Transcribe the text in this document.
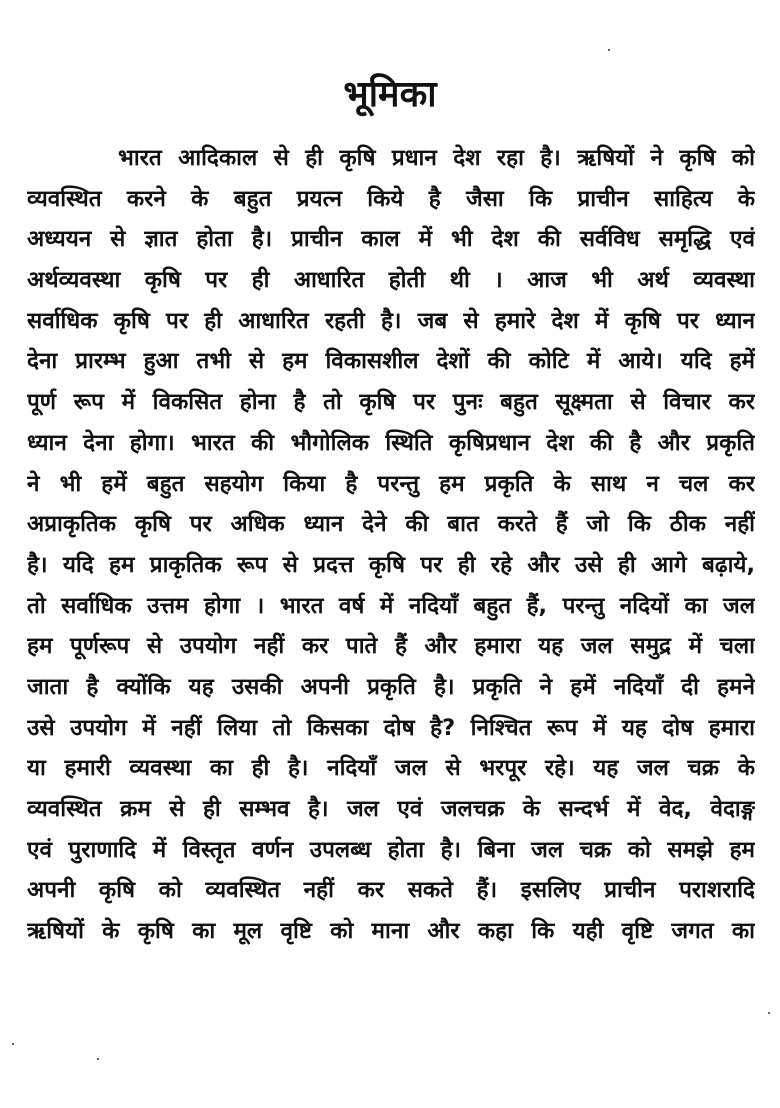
भूमिका
भारत आदिकाल से ही कृषि प्रधान देश रहा है। ऋषियों ने कृषि को
व्यवस्थित करने के बहुत प्रयत्न किये है जैसा कि प्राचीन साहित्य के
अध्ययन से ज्ञात होता है। प्राचीन काल में भी देश की सर्वविध समृद्धि एवं
अर्थव्यवस्था कृषि पर ही आधारित होती थी । आज भी अर्थ व्यवस्था
सर्वाधिक कृषि पर ही आधारित रहती है। जब से हमारे देश में कृषि पर ध्यान
देना प्रारम्भ हुआ तभी से हम विकासशील देशों की कोटि में आये। यदि हमें
पूर्ण रूप में विकसित होना है तो कृषि पर पुनः बहुत सूक्ष्मता से विचार कर
ध्यान देना होगा। भारत की भौगोलिक स्थिति कृषिप्रधान देश की है और प्रकृति
ने भी हमें बहुत सहयोग किया है परन्तु हम प्रकृति के साथ न चल कर
अप्राकृतिक कृषि पर अधिक ध्यान देने की बात करते हैं जो कि ठीक नहीं
है। यदि हम प्राकृतिक रूप से प्रदत्त कृषि पर ही रहे और उसे ही आगे बढ़ाये,
तो सर्वाधिक उत्तम होगा । भारत वर्ष में नदियाँ बहुत हैं, परन्तु नदियों का जल
हम पूर्णरूप से उपयोग नहीं कर पाते हैं और हमारा यह जल समुद्र में चला
जाता है क्योंकि यह उसकी अपनी प्रकृति है। प्रकृति ने हमें नदियाँ दी हमने
उसे उपयोग में नहीं लिया तो किसका दोष है? निश्चित रूप में यह दोष हमारा
या हमारी व्यवस्था का ही है। नदियाँ जल से भरपूर रहे। यह जल चक्र के
व्यवस्थित क्रम से ही सम्भव है। जल एवं जलचक्र के सन्दर्भ में वेद, वेदाङ्ग
एवं पुराणादि में विस्तृत वर्णन उपलब्ध होता है। बिना जल चक्र को समझे हम
अपनी कृषि को व्यवस्थित नहीं कर सकते हैं। इसलिए प्राचीन पराशरादि
ऋषियों के कृषि का मूल वृष्टि को माना और कहा कि यही वृष्टि जगत का
